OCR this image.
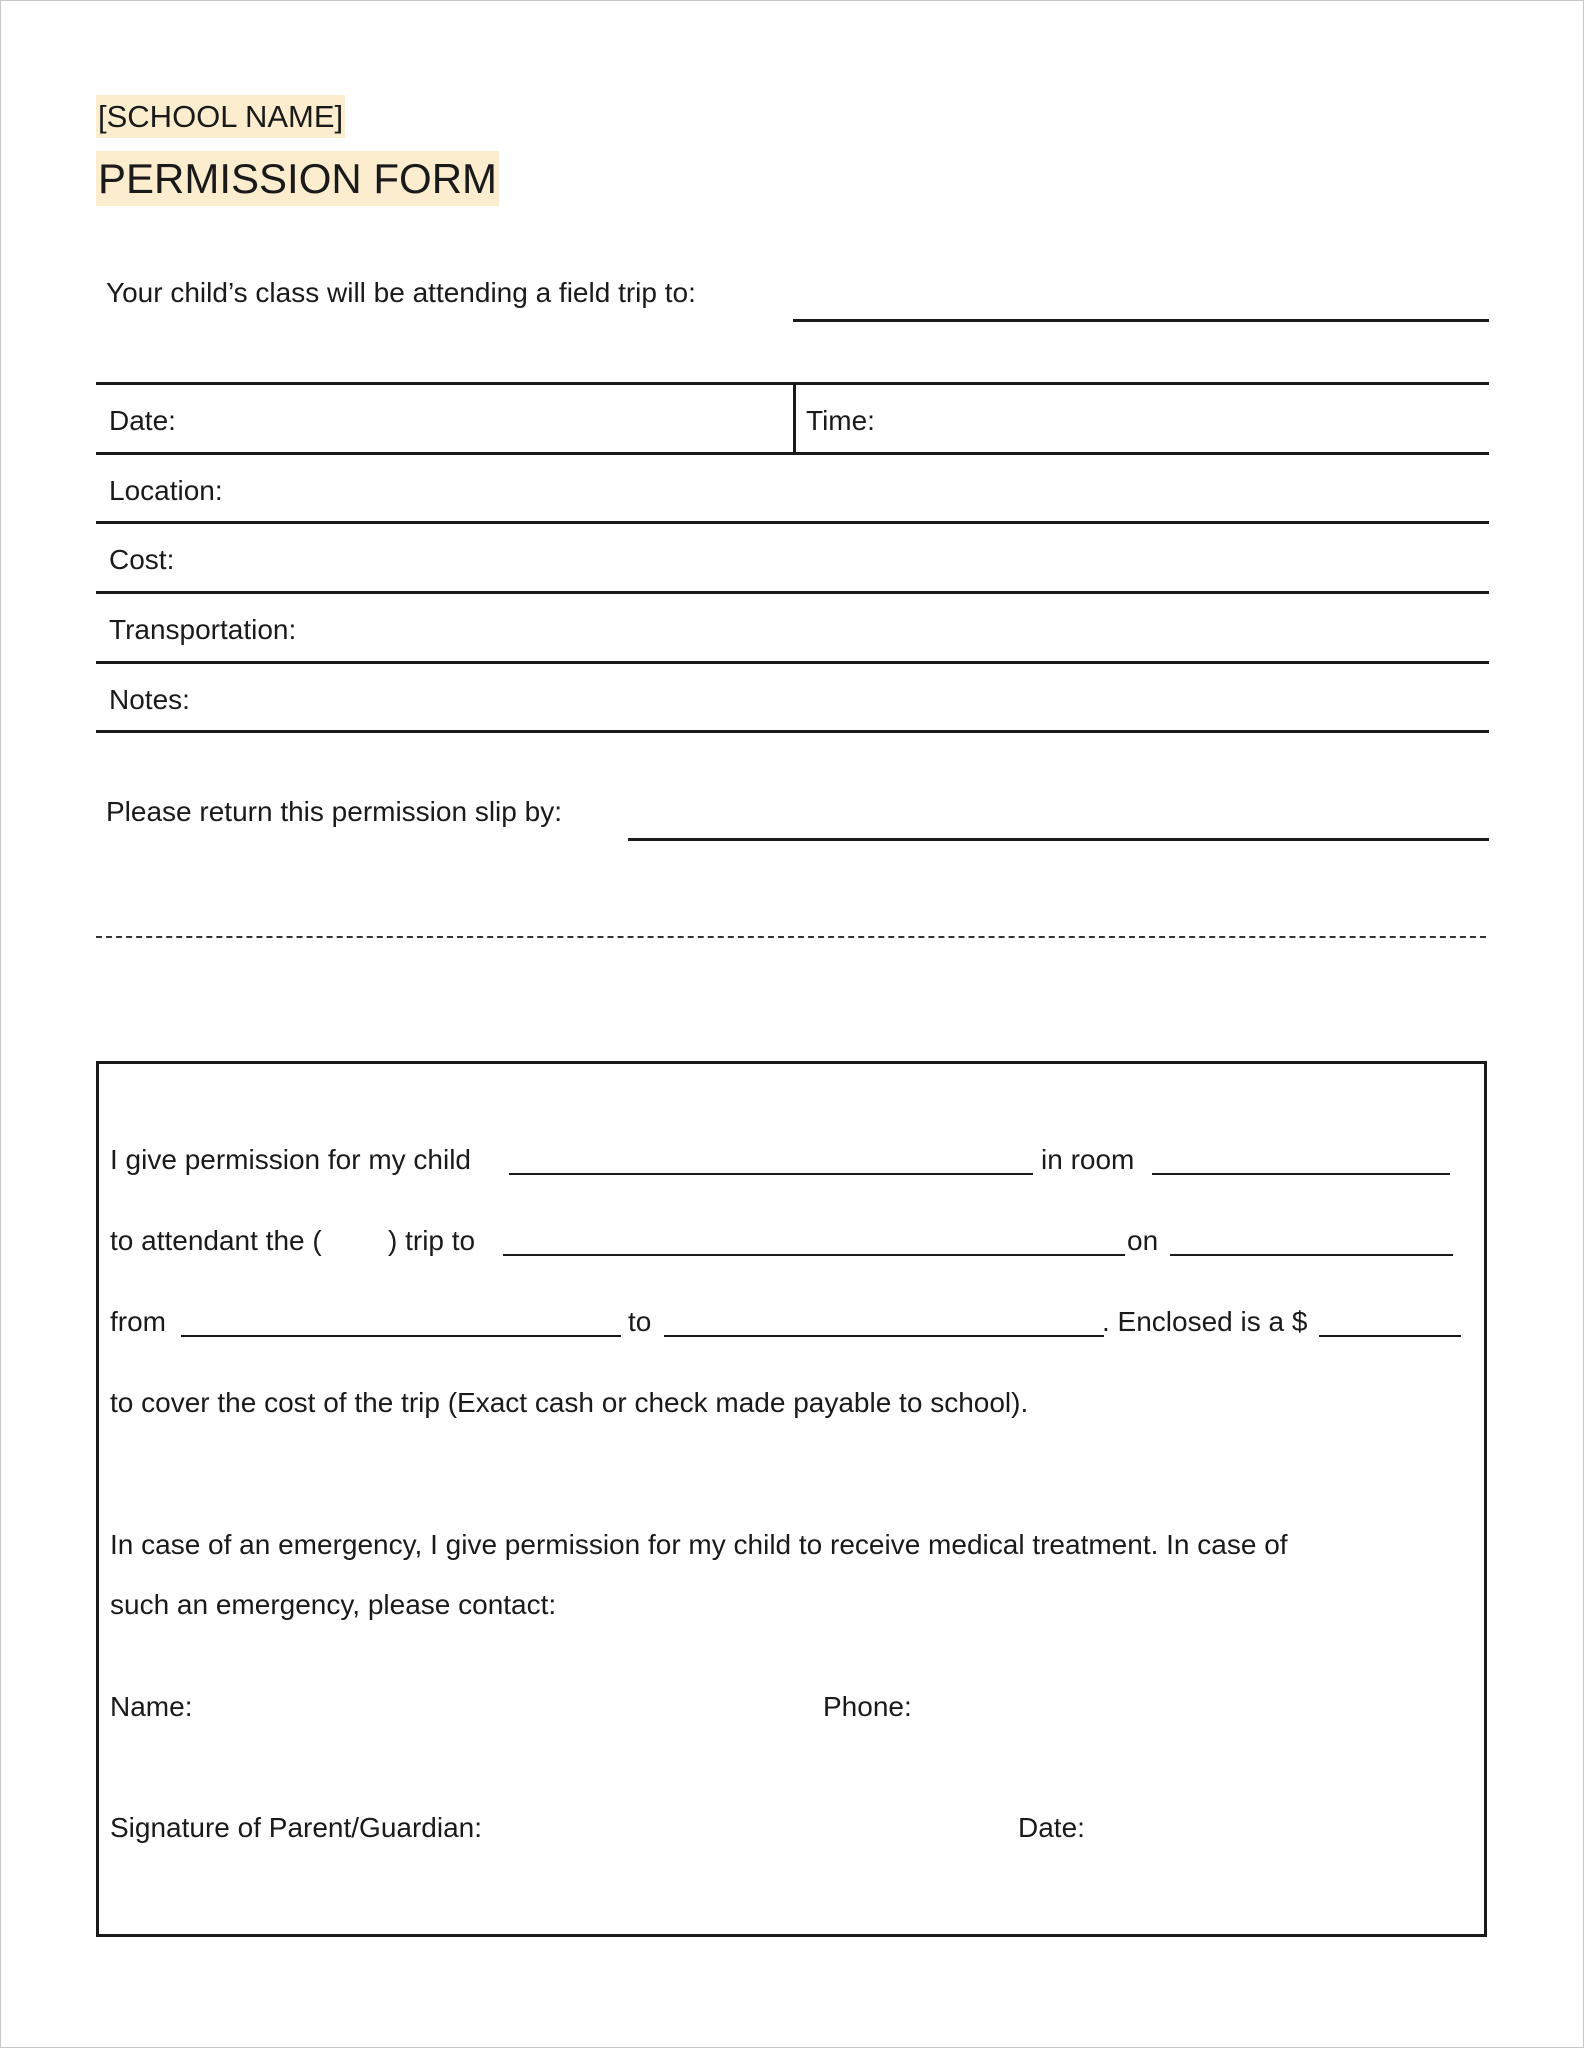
[SCHOOL NAME]
PERMISSION FORM
Your child’s class will be attending a field trip to:
Date:	Time:
Location:
Cost:
Transportation:
Notes:
Please return this permission slip by:
I give permission for my child	in room
to attendant the ( ) trip to	on
from	to	. Enclosed is a $
to cover the cost of the trip (Exact cash or check made payable to school).
In case of an emergency, I give permission for my child to receive medical treatment. In case of
such an emergency, please contact:
Name:	Phone:
Signature of Parent/Guardian:	Date:
